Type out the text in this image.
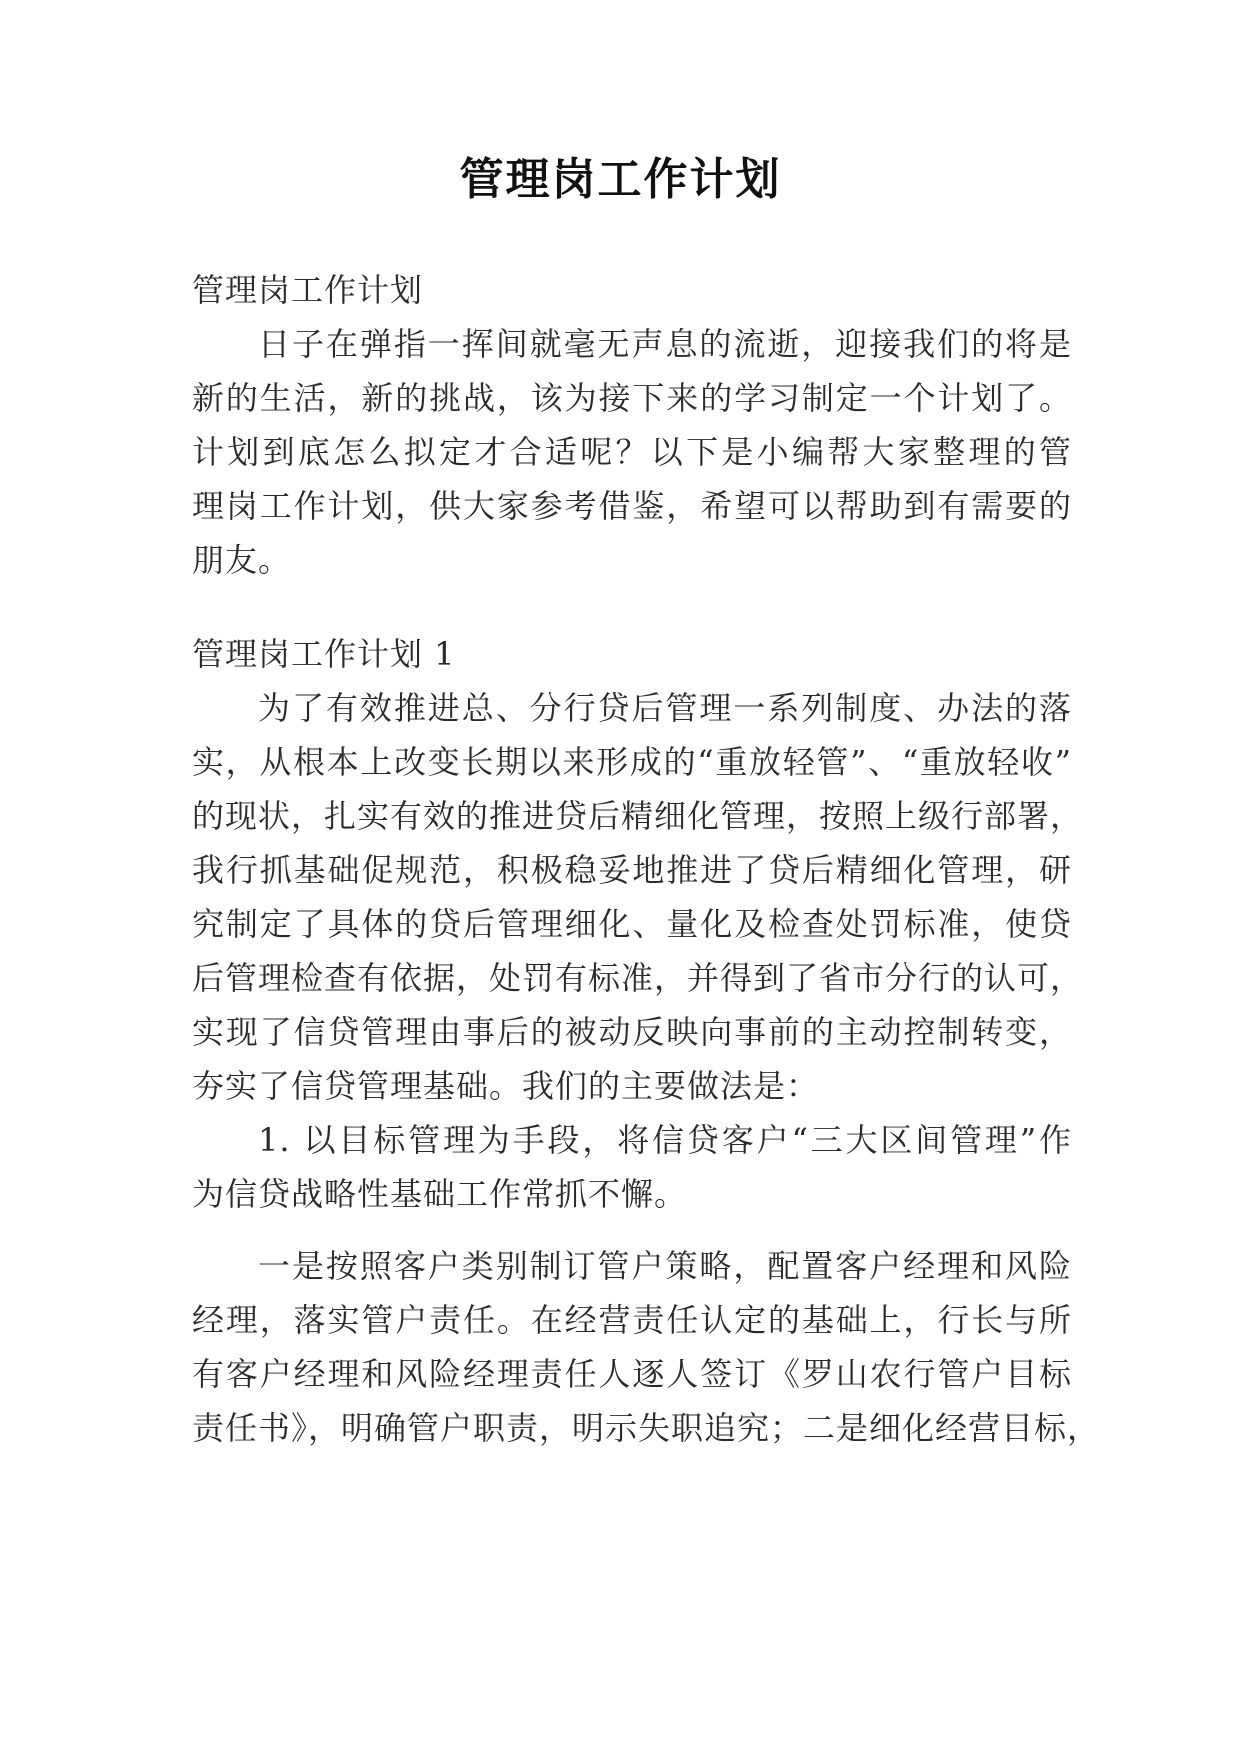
管理岗工作计划
管理岗工作计划
日子在弹指一挥间就毫无声息的流逝，迎接我们的将是
新的生活，新的挑战，该为接下来的学习制定一个计划了。
计划到底怎么拟定才合适呢？以下是小编帮大家整理的管
理岗工作计划，供大家参考借鉴，希望可以帮助到有需要的
朋友。
管理岗工作计划 1
为了有效推进总、分行贷后管理一系列制度、办法的落
实，从根本上改变长期以来形成的“重放轻管”、“重放轻收”
的现状，扎实有效的推进贷后精细化管理，按照上级行部署，
我行抓基础促规范，积极稳妥地推进了贷后精细化管理，研
究制定了具体的贷后管理细化、量化及检查处罚标准，使贷
后管理检查有依据，处罚有标准，并得到了省市分行的认可，
实现了信贷管理由事后的被动反映向事前的主动控制转变，
夯实了信贷管理基础。我们的主要做法是：
1. 以目标管理为手段，将信贷客户“三大区间管理”作
为信贷战略性基础工作常抓不懈。
一是按照客户类别制订管户策略，配置客户经理和风险
经理，落实管户责任。在经营责任认定的基础上，行长与所
有客户经理和风险经理责任人逐人签订《罗山农行管户目标
责任书》，明确管户职责，明示失职追究；二是细化经营目标，
